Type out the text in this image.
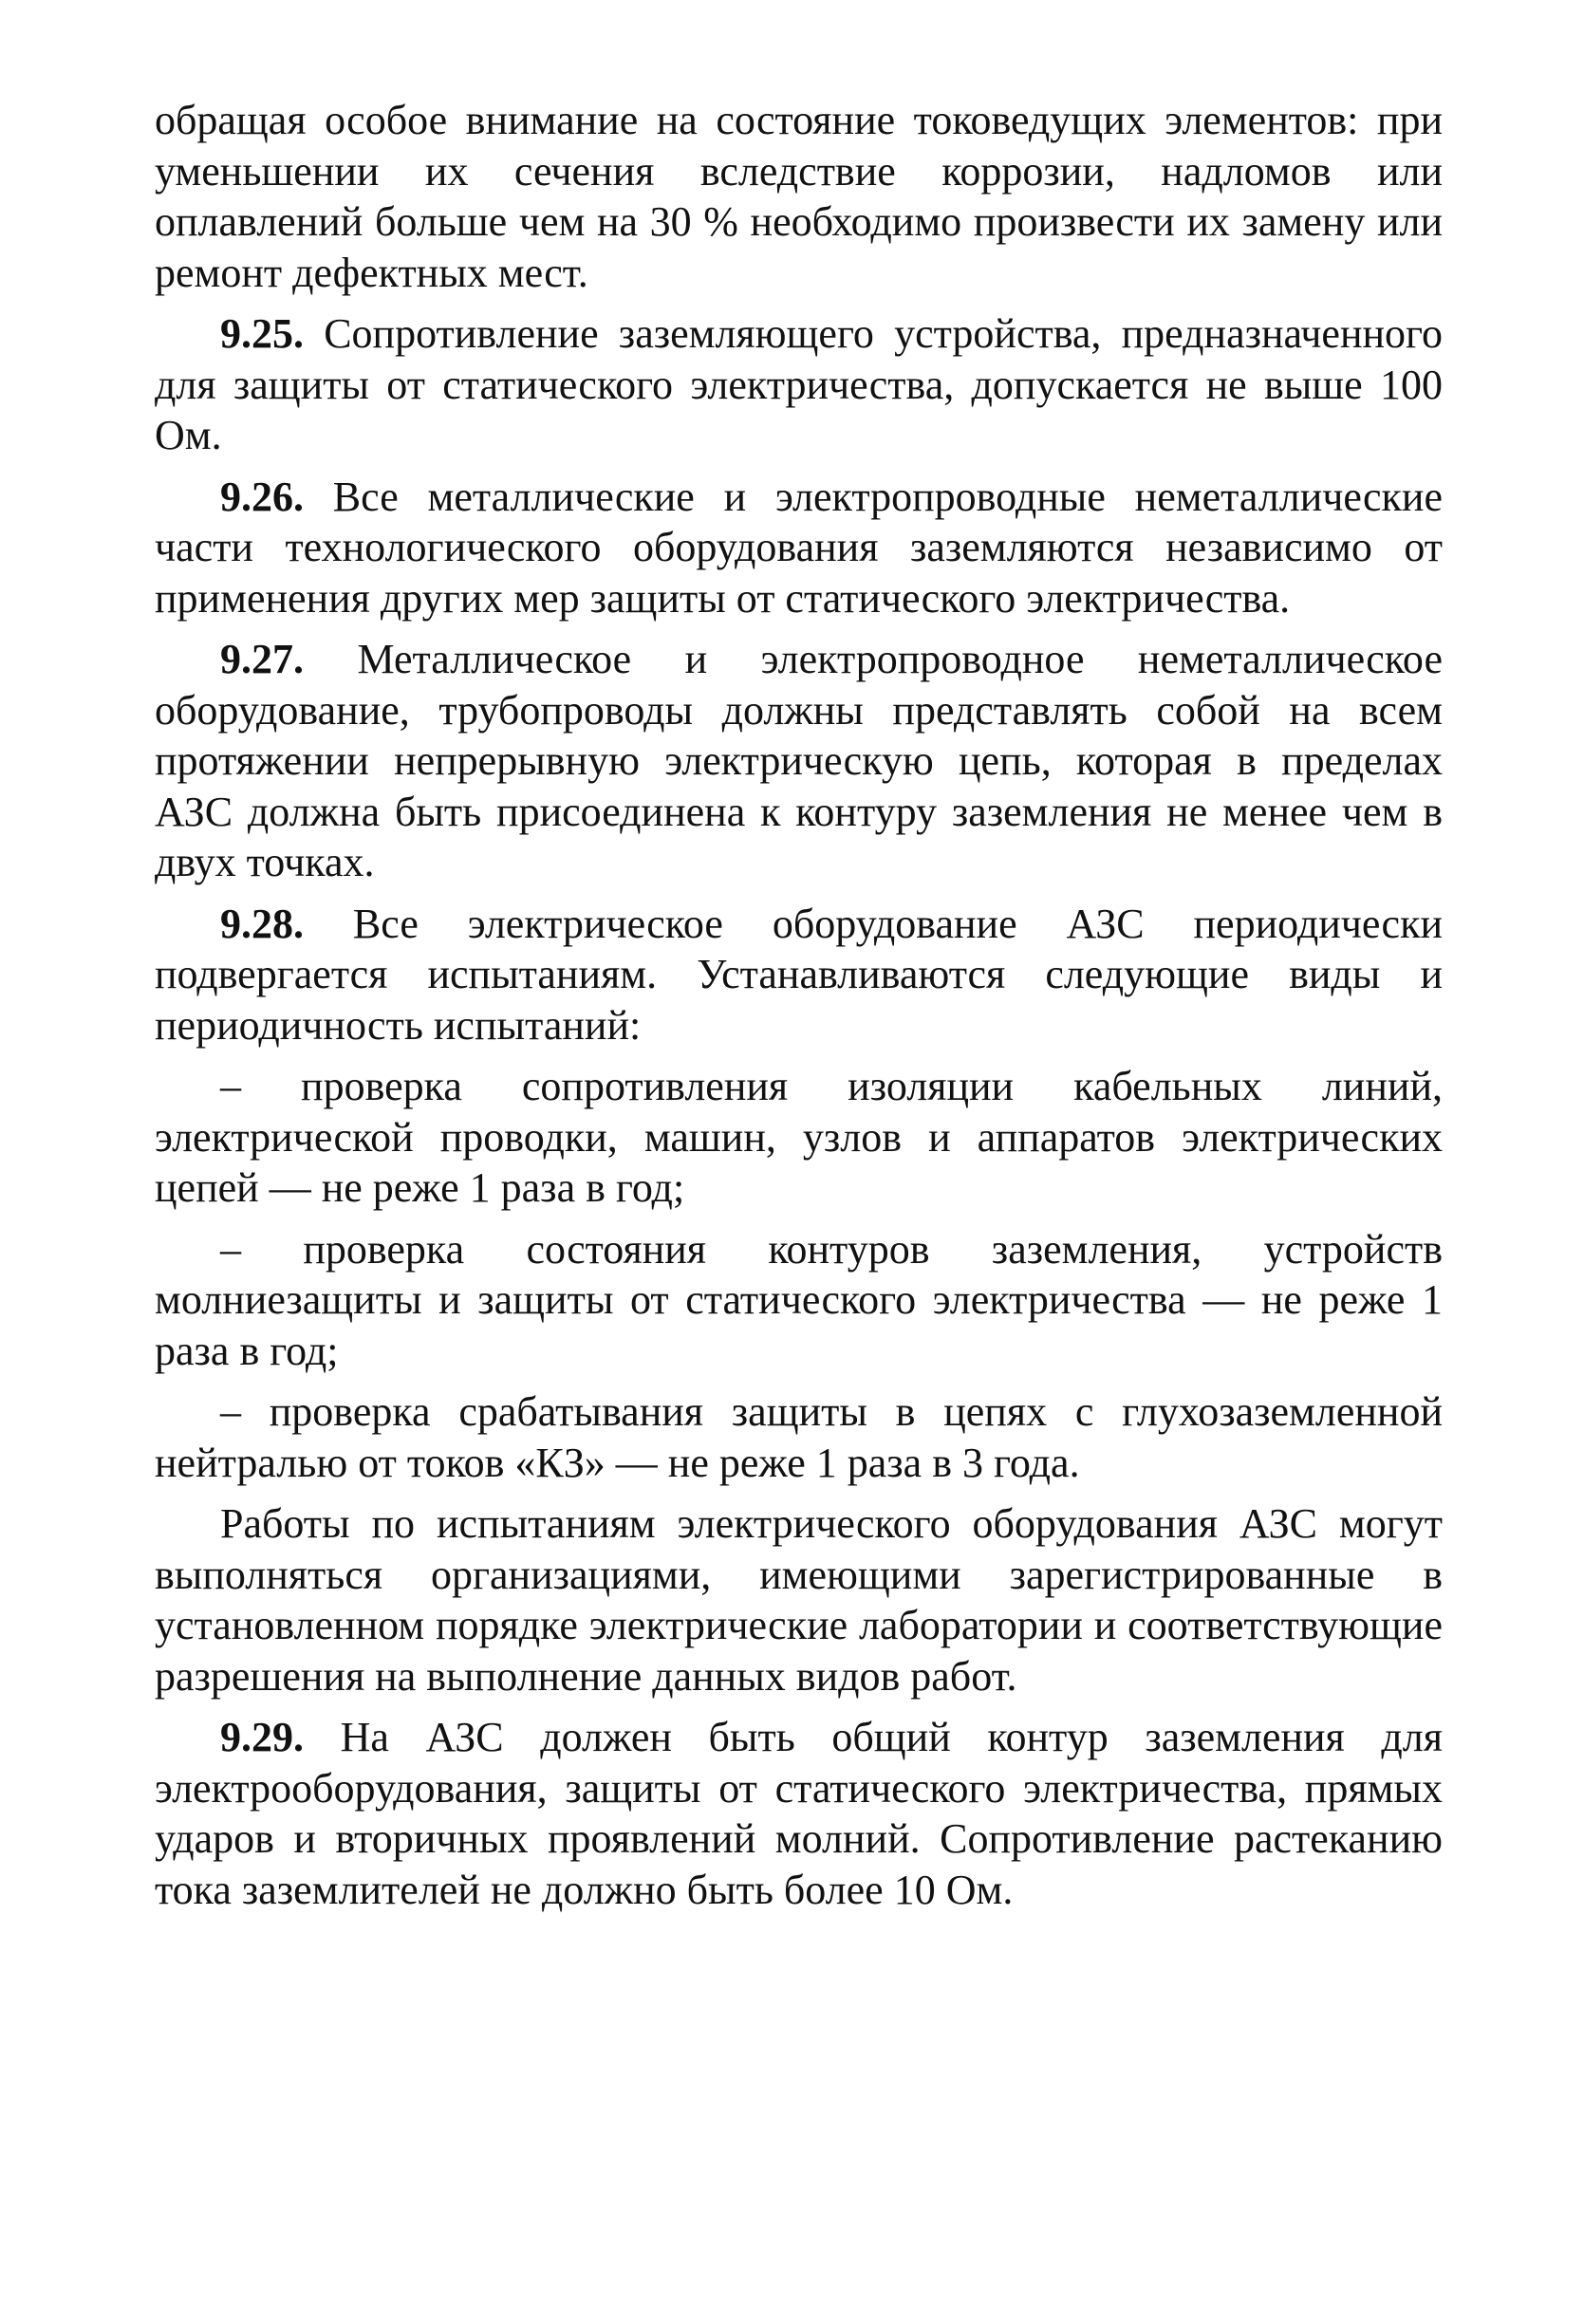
обращая особое внимание на состояние токоведущих элементов: при уменьшении их сечения вследствие коррозии, надломов или оплавлений больше чем на 30 % необходимо произвести их замену или ремонт дефектных мест.

9.25. Сопротивление заземляющего устройства, предназначенного для защиты от статического электричества, допускается не выше 100 Ом.

9.26. Все металлические и электропроводные неметаллические части технологического оборудования заземляются независимо от применения других мер защиты от статического электричества.

9.27. Металлическое и электропроводное неметаллическое оборудование, трубопроводы должны представлять собой на всем протяжении непрерывную электрическую цепь, которая в пределах АЗС должна быть присоединена к контуру заземления не менее чем в двух точках.

9.28. Все электрическое оборудование АЗС периодически подвергается испытаниям. Устанавливаются следующие виды и периодичность испытаний:

– проверка сопротивления изоляции кабельных линий, электрической проводки, машин, узлов и аппаратов электрических цепей — не реже 1 раза в год;

– проверка состояния контуров заземления, устройств молниезащиты и защиты от статического электричества — не реже 1 раза в год;

– проверка срабатывания защиты в цепях с глухозаземленной нейтралью от токов «КЗ» — не реже 1 раза в 3 года.

Работы по испытаниям электрического оборудования АЗС могут выполняться организациями, имеющими зарегистрированные в установленном порядке электрические лаборатории и соответствующие разрешения на выполнение данных видов работ.

9.29. На АЗС должен быть общий контур заземления для электрооборудования, защиты от статического электричества, прямых ударов и вторичных проявлений молний. Сопротивление растеканию тока заземлителей не должно быть более 10 Ом.
